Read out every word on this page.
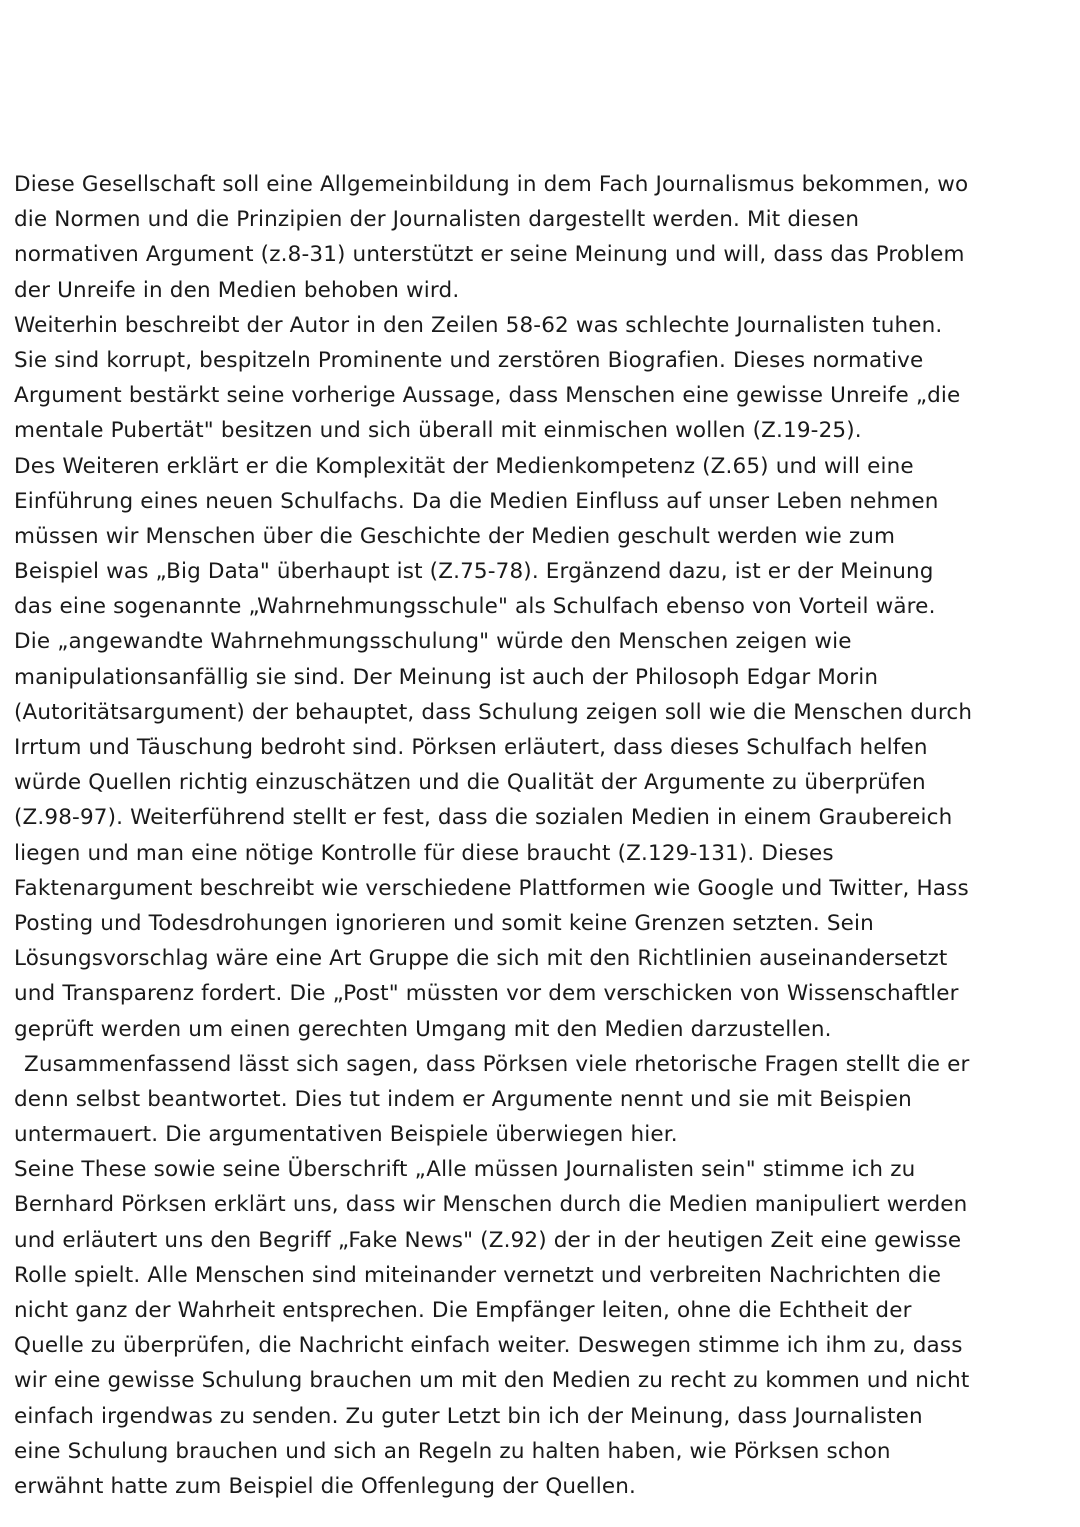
Diese Gesellschaft soll eine Allgemeinbildung in dem Fach Journalismus bekommen, wo
die Normen und die Prinzipien der Journalisten dargestellt werden. Mit diesen
normativen Argument (z.8-31) unterstützt er seine Meinung und will, dass das Problem
der Unreife in den Medien behoben wird.
Weiterhin beschreibt der Autor in den Zeilen 58-62 was schlechte Journalisten tuhen.
Sie sind korrupt, bespitzeln Prominente und zerstören Biografien. Dieses normative
Argument bestärkt seine vorherige Aussage, dass Menschen eine gewisse Unreife „die
mentale Pubertät" besitzen und sich überall mit einmischen wollen (Z.19-25).
Des Weiteren erklärt er die Komplexität der Medienkompetenz (Z.65) und will eine
Einführung eines neuen Schulfachs. Da die Medien Einfluss auf unser Leben nehmen
müssen wir Menschen über die Geschichte der Medien geschult werden wie zum
Beispiel was „Big Data" überhaupt ist (Z.75-78). Ergänzend dazu, ist er der Meinung
das eine sogenannte „Wahrnehmungsschule" als Schulfach ebenso von Vorteil wäre.
Die „angewandte Wahrnehmungsschulung" würde den Menschen zeigen wie
manipulationsanfällig sie sind. Der Meinung ist auch der Philosoph Edgar Morin
(Autoritätsargument) der behauptet, dass Schulung zeigen soll wie die Menschen durch
Irrtum und Täuschung bedroht sind. Pörksen erläutert, dass dieses Schulfach helfen
würde Quellen richtig einzuschätzen und die Qualität der Argumente zu überprüfen
(Z.98-97). Weiterführend stellt er fest, dass die sozialen Medien in einem Graubereich
liegen und man eine nötige Kontrolle für diese braucht (Z.129-131). Dieses
Faktenargument beschreibt wie verschiedene Plattformen wie Google und Twitter, Hass
Posting und Todesdrohungen ignorieren und somit keine Grenzen setzten. Sein
Lösungsvorschlag wäre eine Art Gruppe die sich mit den Richtlinien auseinandersetzt
und Transparenz fordert. Die „Post" müssten vor dem verschicken von Wissenschaftler
geprüft werden um einen gerechten Umgang mit den Medien darzustellen.
Zusammenfassend lässt sich sagen, dass Pörksen viele rhetorische Fragen stellt die er
denn selbst beantwortet. Dies tut indem er Argumente nennt und sie mit Beispien
untermauert. Die argumentativen Beispiele überwiegen hier.
Seine These sowie seine Überschrift „Alle müssen Journalisten sein" stimme ich zu
Bernhard Pörksen erklärt uns, dass wir Menschen durch die Medien manipuliert werden
und erläutert uns den Begriff „Fake News" (Z.92) der in der heutigen Zeit eine gewisse
Rolle spielt. Alle Menschen sind miteinander vernetzt und verbreiten Nachrichten die
nicht ganz der Wahrheit entsprechen. Die Empfänger leiten, ohne die Echtheit der
Quelle zu überprüfen, die Nachricht einfach weiter. Deswegen stimme ich ihm zu, dass
wir eine gewisse Schulung brauchen um mit den Medien zu recht zu kommen und nicht
einfach irgendwas zu senden. Zu guter Letzt bin ich der Meinung, dass Journalisten
eine Schulung brauchen und sich an Regeln zu halten haben, wie Pörksen schon
erwähnt hatte zum Beispiel die Offenlegung der Quellen.
